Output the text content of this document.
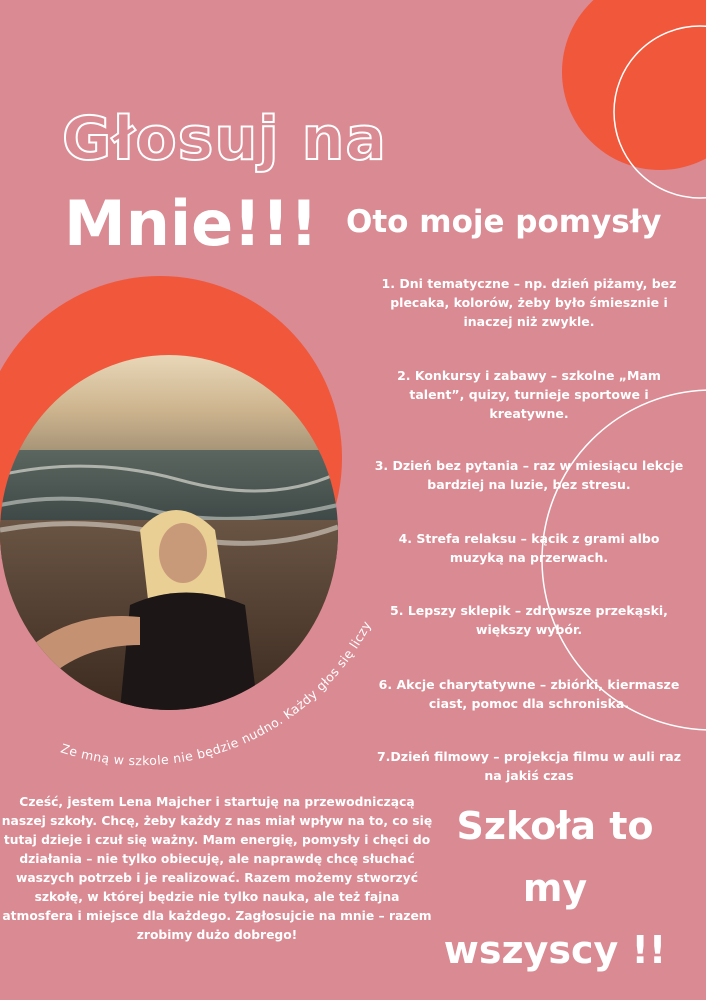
Głosuj na
Mnie!!! Oto moje pomysły
Ze mną w szkole nie będzie nudno. Każdy głos się liczy
1. Dni tematyczne – np. dzień piżamy, bez plecaka, kolorów, żeby było śmiesznie i inaczej niż zwykle.
2. Konkursy i zabawy – szkolne „Mam talent”, quizy, turnieje sportowe i kreatywne.
3. Dzień bez pytania – raz w miesiącu lekcje bardziej na luzie, bez stresu.
4. Strefa relaksu – kącik z grami albo muzyką na przerwach.
5. Lepszy sklepik – zdrowsze przekąski, większy wybór.
6. Akcje charytatywne – zbiórki, kiermasze ciast, pomoc dla schroniska.
7.Dzień filmowy – projekcja filmu w auli raz na jakiś czas

Cześć, jestem Lena Majcher i startuję na przewodniczącą naszej szkoły. Chcę, żeby każdy z nas miał wpływ na to, co się tutaj dzieje i czuł się ważny. Mam energię, pomysły i chęci do działania – nie tylko obiecuję, ale naprawdę chcę słuchać waszych potrzeb i je realizować. Razem możemy stworzyć szkołę, w której będzie nie tylko nauka, ale też fajna atmosfera i miejsce dla każdego. Zagłosujcie na mnie – razem zrobimy dużo dobrego!

Szkoła to
my
wszyscy !!
